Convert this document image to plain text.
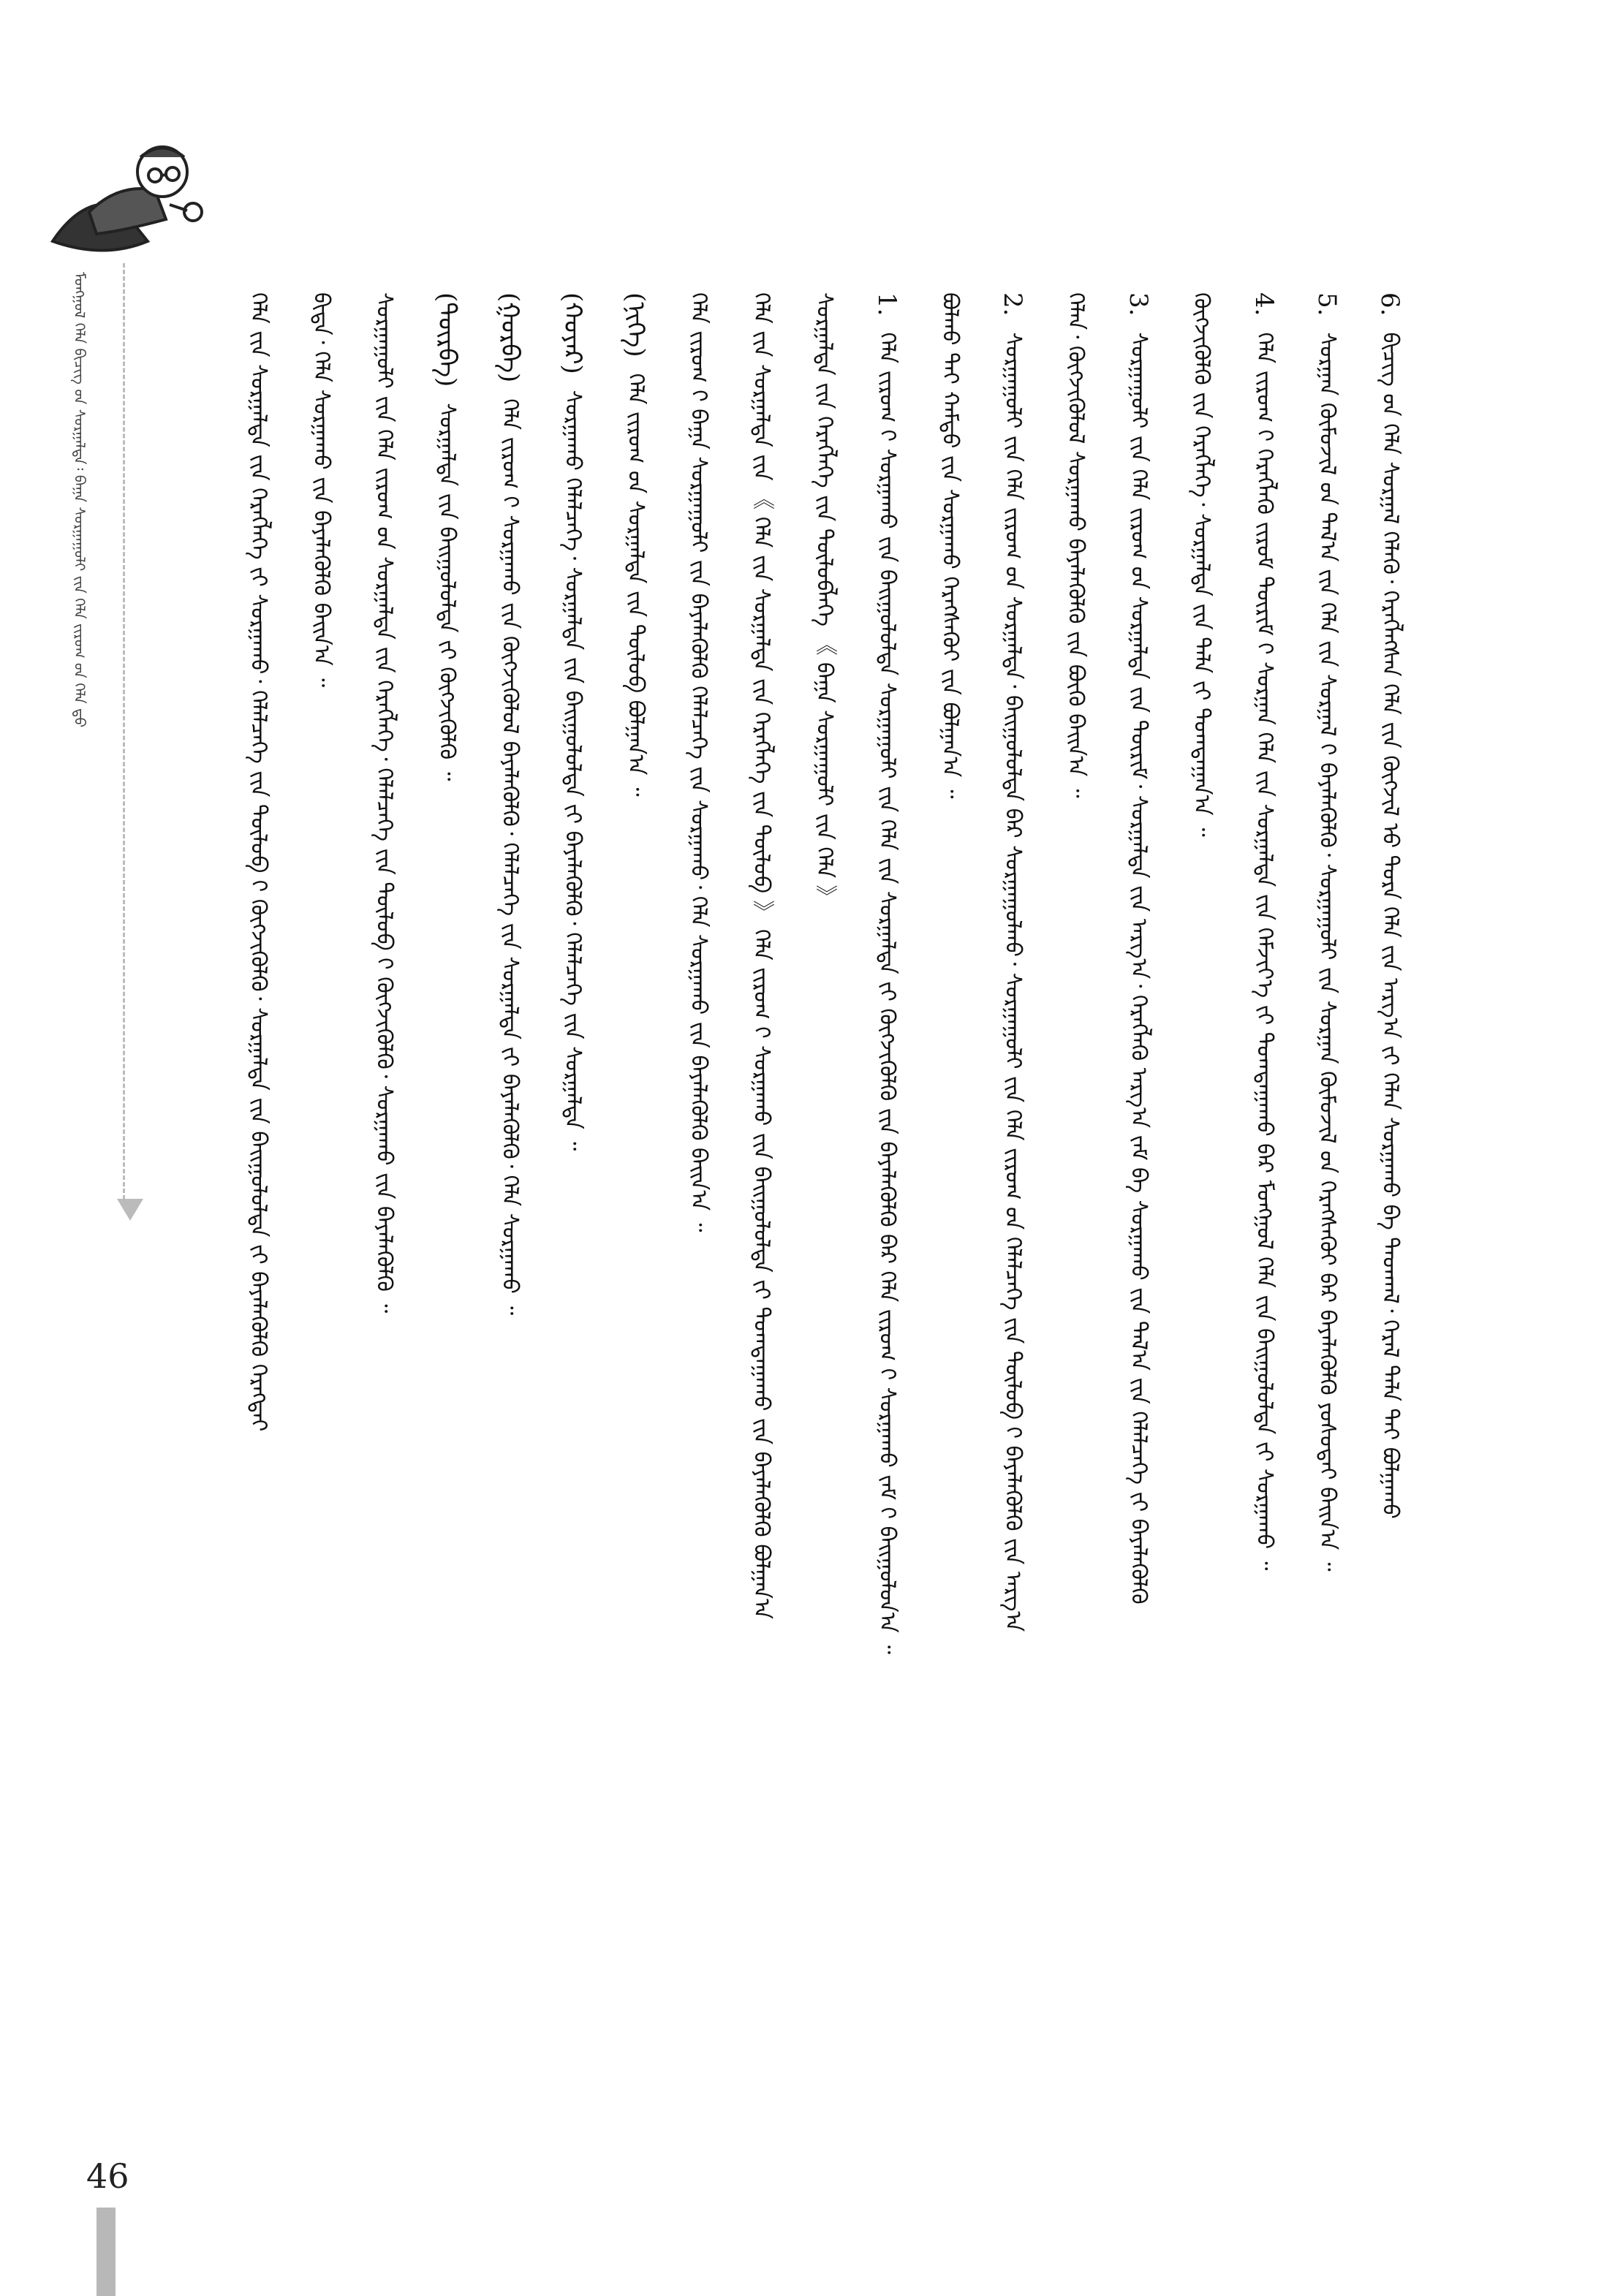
ᠮᠣᠩᠭᠣᠯ ᠬᠡᠯᠡ ᠪᠢᠴᠢᠭ ᠤ᠋ᠨ ᠰᠤᠷᠭᠠᠯᠲᠠ᠄ ᠪᠠᠭᠠ ᠰᠤᠷᠭᠠᠭᠤᠯᠢ ᠶ᠋ᠢᠨ ᠬᠡᠯᠡ ᠵᠢᠷᠤᠭ ᠤ᠋ᠨ ᠬᠡᠯᠡ ᠳ᠋ᠦ	6.ᠪᠢᠴᠢᠭ ᠤ᠋ᠨ ᠬᠡᠯᠡ ᠰᠤᠷᠭᠠᠯ ᠬᠡᠯᠡᠬᠦ᠂ ᠬᠡᠷᠡᠭᠯᠡᠭᠰᠡᠨ ᠬᠡᠯᠡ ᠶ᠋ᠢᠨ ᠬᠥᠭᠵᠢᠯ ᠦ᠋ ᠳᠤᠷᠠ ᠬᠡᠯᠡ ᠵᠢᠨ ᠠᠷᠭ᠎ᠠ ᠶ᠋ᠢ ᠬᠡᠯᠡᠨ ᠰᠤᠷᠭᠠᠬᠤ ᠪᠠ ᠳᠠᠳᠬᠠᠯ᠂ ᠭᠡᠷᠡᠯ ᠲᠡᠯᠡ ᠲᠠᠢ ᠪᠤᠯᠭᠠᠬᠤ
5.ᠰᠤᠷᠭᠠᠨ ᠬᠦᠮᠦᠵᠢᠯ ᠦ᠋ᠨ ᠲᠠᠯ᠎ᠠ ᠶ᠋ᠢᠨ ᠬᠡᠯᠡ ᠵᠢᠨ ᠰᠤᠷᠭᠠᠯ ᠢ᠋ ᠪᠡᠶᠡᠯᠡᠭᠦᠯᠬᠦ᠂ ᠰᠤᠷᠭᠠᠭᠤᠯᠢ ᠶ᠋ᠢᠨ ᠰᠤᠷᠭᠠᠨ ᠬᠦᠮᠦᠵᠢᠯ ᠦ᠋ᠨ ᠬᠡᠷᠡᠭᠰᠡᠬᠦᠢ ᠪᠠᠷ ᠪᠡᠶᠡᠯᠡᠭᠦᠯᠬᠦ ᠶᠣᠰᠣᠲᠠᠢ ᠪᠠᠢᠨ᠎ᠠ ᠃
4.ᠬᠡᠯᠡ ᠵᠢᠷᠤᠭ ᠢ᠋ ᠬᠡᠷᠡᠭᠯᠡᠬᠦ ᠵᠢᠷᠤᠮ ᠳᠦᠷᠢᠮ ᠢ᠋ ᠰᠤᠷᠭᠠᠨ ᠬᠡᠯᠡ ᠵᠢᠨ ᠰᠤᠷᠭᠠᠯᠲᠠ ᠶ᠋ᠢᠨ ᠬᠡᠮᠵᠢᠶ᠎ᠡ ᠶ᠋ᠢ ᠲᠣᠭᠲᠠᠭᠠᠬᠤ ᠪᠠᠷ ᠮᠣᠩᠭᠣᠯ ᠬᠡᠯᠡ ᠶ᠋ᠢᠨ ᠪᠠᠢᠭᠤᠯᠤᠯᠲᠠ ᠶ᠋ᠢ ᠰᠤᠷᠭᠠᠬᠤ ᠃
ᠬᠥᠭᠵᠢᠭᠦᠯᠬᠦ ᠶ᠋ᠢᠨ ᠬᠡᠷᠡᠭᠯᠡᠭᠡ᠂ ᠰᠤᠷᠭᠠᠯᠲᠠ ᠶ᠋ᠢᠨ ᠲᠡᠯᠡ ᠶ᠋ᠢ ᠲᠣᠭᠲᠠᠭᠠᠨ᠎ᠠ ᠃
3.ᠰᠤᠷᠭᠠᠭᠤᠯᠢ ᠶ᠋ᠢᠨ ᠬᠡᠯᠡ ᠵᠢᠷᠤᠭ ᠤ᠋ᠨ ᠰᠤᠷᠭᠠᠯᠲᠠ ᠶ᠋ᠢᠨ ᠳᠦᠷᠢᠮ᠂ ᠰᠤᠷᠭᠠᠯᠲᠠ ᠶ᠋ᠢᠨ ᠠᠷᠭ᠎ᠠ᠂ ᠬᠡᠷᠡᠭᠯᠡᠬᠦ ᠠᠷᠭ᠎ᠠ ᠵᠠᠮ ᠪᠠ ᠰᠤᠷᠭᠠᠬᠤ ᠶ᠋ᠢᠨ ᠲᠠᠯ᠎ᠠ ᠶ᠋ᠢᠨ ᠬᠡᠯᠡᠯᠴᠡᠭᠡ ᠶ᠋ᠢ ᠪᠡᠶᠡᠯᠡᠭᠦᠯᠬᠦ
ᠬᠡᠯᠡᠨ᠂ ᠬᠥᠭᠵᠢᠭᠦᠯᠦᠯ ᠰᠤᠷᠭᠠᠬᠤ ᠪᠡᠶᠡᠯᠡᠭᠦᠯᠬᠦ ᠶ᠋ᠢᠨ ᠪᠦᠬᠦ ᠪᠠᠢᠨ᠎ᠠ ᠃
2.ᠰᠤᠷᠭᠠᠭᠤᠯᠢ ᠶ᠋ᠢᠨ ᠬᠡᠯᠡ ᠵᠢᠷᠤᠭ ᠤ᠋ᠨ ᠰᠤᠷᠭᠠᠯᠲᠠ᠂ ᠪᠠᠢᠭᠤᠯᠤᠯᠲᠠ ᠪᠠᠷ ᠰᠤᠷᠭᠠᠭᠤᠯᠬᠤ᠂ ᠰᠤᠷᠭᠠᠭᠤᠯᠢ ᠶ᠋ᠢᠨ ᠬᠡᠯᠡ ᠵᠢᠷᠤᠭ ᠤ᠋ᠨ ᠬᠡᠯᠡᠯᠴᠡᠭᠡ ᠶ᠋ᠢᠨ ᠲᠥᠯᠥᠪ ᠢ᠋ ᠪᠡᠶᠡᠯᠡᠭᠦᠯᠬᠦ ᠶ᠋ᠢᠨ ᠠᠷᠭ᠎ᠠ
ᠪᠣᠯᠬᠤ ᠲᠠᠢ ᠬᠠᠮᠲᠤ ᠶ᠋ᠢᠨ ᠰᠤᠷᠭᠠᠬᠤ ᠬᠡᠷᠡᠭᠰᠡᠬᠦᠢ ᠶ᠋ᠢᠨ ᠪᠣᠯᠭᠠᠨ᠎ᠠ ᠃
1.ᠬᠡᠯᠡ ᠵᠢᠷᠤᠭ ᠢ᠋ ᠰᠤᠷᠭᠠᠬᠤ ᠶ᠋ᠢᠨ ᠪᠠᠢᠭᠤᠯᠤᠯᠲᠠ ᠰᠤᠷᠭᠠᠭᠤᠯᠢ ᠶ᠋ᠢᠨ ᠬᠡᠯᠡ ᠶ᠋ᠢᠨ ᠰᠤᠷᠭᠠᠯᠲᠠ ᠶ᠋ᠢ ᠬᠥᠭᠵᠢᠭᠦᠯᠬᠦ ᠶ᠋ᠢᠨ ᠪᠡᠶᠡᠯᠡᠭᠦᠯᠬᠦ ᠪᠠᠷ ᠬᠡᠯᠡ ᠵᠢᠷᠤᠭ ᠢ᠋ ᠰᠤᠷᠭᠠᠬᠤ ᠵᠠᠮ ᠢ᠋ ᠪᠠᠢᠭᠤᠯᠤᠨ᠎ᠠ ᠃
ᠰᠤᠷᠭᠠᠯᠲᠠ ᠶ᠋ᠢᠨ ᠬᠡᠷᠡᠭᠯᠡᠭᠡ ᠶ᠋ᠢᠨ ᠲᠥᠯᠥᠪᠯᠡᠭᠡ 《 ᠪᠠᠭᠠ ᠰᠤᠷᠭᠠᠭᠤᠯᠢ ᠶ᠋ᠢᠨ ᠬᠡᠯᠡ 》
ᠬᠡᠯᠡ ᠶ᠋ᠢᠨ ᠰᠤᠷᠭᠠᠯᠲᠠ ᠶ᠋ᠢᠨ 《 ᠬᠡᠯᠡ ᠶ᠋ᠢᠨ ᠰᠤᠷᠭᠠᠯᠲᠠ ᠶ᠋ᠢᠨ ᠬᠡᠷᠡᠭᠯᠡᠭᠡ ᠶ᠋ᠢᠨ ᠲᠥᠯᠥᠪ 》 ᠬᠡᠯᠡ ᠵᠢᠷᠤᠭ ᠢ᠋ ᠰᠤᠷᠭᠠᠬᠤ ᠶ᠋ᠢᠨ ᠪᠠᠢᠭᠤᠯᠤᠯᠲᠠ ᠶ᠋ᠢ ᠲᠣᠭᠲᠠᠭᠠᠬᠤ ᠶ᠋ᠢᠨ ᠪᠡᠶᠡᠯᠡᠭᠦᠯᠬᠦ ᠪᠣᠯᠭᠠᠨ᠎ᠠ
ᠬᠡᠯᠡ ᠵᠢᠷᠤᠭ ᠢ᠋ ᠪᠠᠭᠠ ᠰᠤᠷᠭᠠᠭᠤᠯᠢ ᠶ᠋ᠢᠨ ᠪᠡᠶᠡᠯᠡᠭᠦᠯᠬᠦ ᠬᠡᠯᠡᠯᠴᠡᠭᠡ ᠶ᠋ᠢᠨ ᠰᠤᠷᠭᠠᠬᠤ᠂ ᠬᠡᠯᠡ ᠰᠤᠷᠭᠠᠬᠤ ᠶ᠋ᠢᠨ ᠪᠡᠶᠡᠯᠡᠭᠦᠯᠬᠦ ᠪᠠᠢᠨ᠎ᠠ ᠃
(ᠨᠢᠭᠡ)ᠬᠡᠯᠡ ᠵᠢᠷᠤᠭ ᠤ᠋ᠨ ᠰᠤᠷᠭᠠᠯᠲᠠ ᠶ᠋ᠢᠨ ᠲᠥᠯᠥᠪ ᠪᠣᠯᠭᠠᠨ᠎ᠠ ᠃
(ᠬᠣᠶᠠᠷ)ᠰᠤᠷᠭᠠᠬᠤ ᠬᠡᠯᠡᠯᠴᠡᠭᠡ᠂ ᠰᠤᠷᠭᠠᠯᠲᠠ ᠶ᠋ᠢᠨ ᠪᠠᠢᠭᠤᠯᠤᠯᠲᠠ ᠶ᠋ᠢ ᠪᠡᠶᠡᠯᠡᠭᠦᠯᠬᠦ᠂ ᠬᠡᠯᠡᠯᠴᠡᠭᠡ ᠶ᠋ᠢᠨ ᠰᠤᠷᠭᠠᠯᠲᠠ ᠃
(ᠭᠤᠷᠪᠠ)ᠬᠡᠯᠡ ᠵᠢᠷᠤᠭ ᠢ᠋ ᠰᠤᠷᠭᠠᠬᠤ ᠶ᠋ᠢᠨ ᠬᠥᠭᠵᠢᠭᠦᠯᠦᠯ ᠪᠡᠶᠡᠯᠡᠭᠦᠯᠬᠦ᠂ ᠬᠡᠯᠡᠯᠴᠡᠭᠡ ᠶ᠋ᠢᠨ ᠰᠤᠷᠭᠠᠯᠲᠠ ᠶ᠋ᠢ ᠪᠡᠶᠡᠯᠡᠭᠦᠯᠬᠦ᠂ ᠬᠡᠯᠡ ᠰᠤᠷᠭᠠᠬᠤ ᠃
(ᠳᠦᠷᠪᠡ)ᠰᠤᠷᠭᠠᠯᠲᠠ ᠶ᠋ᠢᠨ ᠪᠠᠢᠭᠤᠯᠤᠯᠲᠠ ᠶ᠋ᠢ ᠬᠥᠭᠵᠢᠭᠦᠯᠬᠦ ᠃
ᠰᠤᠷᠭᠠᠭᠤᠯᠢ ᠶ᠋ᠢᠨ ᠬᠡᠯᠡ ᠵᠢᠷᠤᠭ ᠤ᠋ᠨ ᠰᠤᠷᠭᠠᠯᠲᠠ ᠶ᠋ᠢᠨ ᠬᠡᠷᠡᠭᠯᠡᠭᠡ᠂ ᠬᠡᠯᠡᠯᠴᠡᠭᠡ ᠶ᠋ᠢᠨ ᠲᠥᠯᠥᠪ ᠢ᠋ ᠬᠥᠭᠵᠢᠭᠦᠯᠬᠦ᠂ ᠰᠤᠷᠭᠠᠬᠤ ᠶ᠋ᠢᠨ ᠪᠡᠶᠡᠯᠡᠭᠦᠯᠬᠦ ᠃
ᠪᠢᠳᠡ᠂ ᠬᠡᠯᠡ ᠰᠤᠷᠭᠠᠬᠤ ᠶ᠋ᠢᠨ ᠪᠡᠶᠡᠯᠡᠭᠦᠯᠬᠦ ᠪᠠᠢᠨ᠎ᠠ ᠃
ᠬᠡᠯᠡ ᠶ᠋ᠢᠨ ᠰᠤᠷᠭᠠᠯᠲᠠ ᠶ᠋ᠢᠨ ᠬᠡᠷᠡᠭᠯᠡᠭᠡ ᠶ᠋ᠢ ᠰᠤᠷᠭᠠᠬᠤ᠂ ᠬᠡᠯᠡᠯᠴᠡᠭᠡ ᠶ᠋ᠢᠨ ᠲᠥᠯᠥᠪ ᠢ᠋ ᠬᠥᠭᠵᠢᠭᠦᠯᠬᠦ᠂ ᠰᠤᠷᠭᠠᠯᠲᠠ ᠶ᠋ᠢᠨ ᠪᠠᠢᠭᠤᠯᠤᠯᠲᠠ ᠶ᠋ᠢ ᠪᠡᠶᠡᠯᠡᠭᠦᠯᠬᠦ ᠬᠡᠷᠡᠭᠲᠡᠢ
46
